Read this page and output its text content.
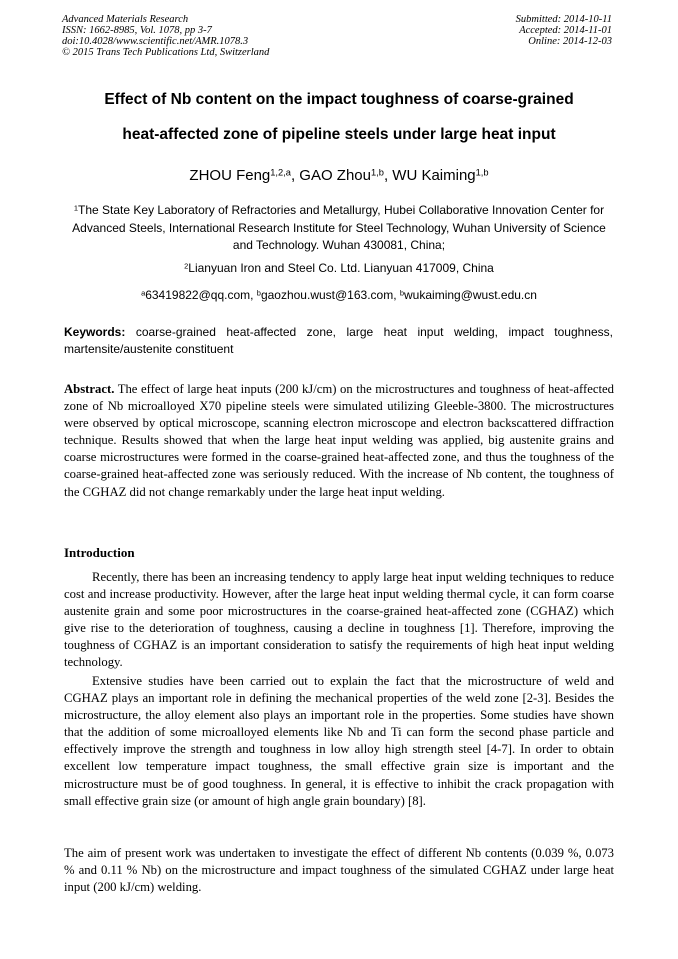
Advanced Materials Research
ISSN: 1662-8985, Vol. 1078, pp 3-7
doi:10.4028/www.scientific.net/AMR.1078.3
© 2015 Trans Tech Publications Ltd, Switzerland
Submitted: 2014-10-11
Accepted: 2014-11-01
Online: 2014-12-03
Effect of Nb content on the impact toughness of coarse-grained
heat-affected zone of pipeline steels under large heat input
ZHOU Feng$^{1,2,a}$, GAO Zhou$^{1,b}$, WU Kaiming$^{1,b}$
$^1$The State Key Laboratory of Refractories and Metallurgy, Hubei Collaborative Innovation Center for Advanced Steels, International Research Institute for Steel Technology, Wuhan University of Science and Technology. Wuhan 430081, China;
$^2$Lianyuan Iron and Steel Co. Ltd. Lianyuan 417009, China
$^a$63419822@qq.com, $^b$gaozhou.wust@163.com, $^b$wukaiming@wust.edu.cn
Keywords: coarse-grained heat-affected zone, large heat input welding, impact toughness, martensite/austenite constituent
Abstract. The effect of large heat inputs (200 kJ/cm) on the microstructures and toughness of heat-affected zone of Nb microalloyed X70 pipeline steels were simulated utilizing Gleeble-3800. The microstructures were observed by optical microscope, scanning electron microscope and electron backscattered diffraction technique. Results showed that when the large heat input welding was applied, big austenite grains and coarse microstructures were formed in the coarse-grained heat-affected zone, and thus the toughness of the coarse-grained heat-affected zone was seriously reduced. With the increase of Nb content, the toughness of the CGHAZ did not change remarkably under the large heat input welding.
Introduction
Recently, there has been an increasing tendency to apply large heat input welding techniques to reduce cost and increase productivity. However, after the large heat input welding thermal cycle, it can form coarse austenite grain and some poor microstructures in the coarse-grained heat-affected zone (CGHAZ) which give rise to the deterioration of toughness, causing a decline in toughness [1]. Therefore, improving the toughness of CGHAZ is an important consideration to satisfy the requirements of high heat input welding technology.
Extensive studies have been carried out to explain the fact that the microstructure of weld and CGHAZ plays an important role in defining the mechanical properties of the weld zone [2-3]. Besides the microstructure, the alloy element also plays an important role in the properties. Some studies have shown that the addition of some microalloyed elements like Nb and Ti can form the second phase particle and effectively improve the strength and toughness in low alloy high strength steel [4-7]. In order to obtain excellent low temperature impact toughness, the small effective grain size is important and the microstructure must be of good toughness. In general, it is effective to inhibit the crack propagation with small effective grain size (or amount of high angle grain boundary) [8].
The aim of present work was undertaken to investigate the effect of different Nb contents (0.039 %, 0.073 % and 0.11 % Nb) on the microstructure and impact toughness of the simulated CGHAZ under large heat input (200 kJ/cm) welding.
